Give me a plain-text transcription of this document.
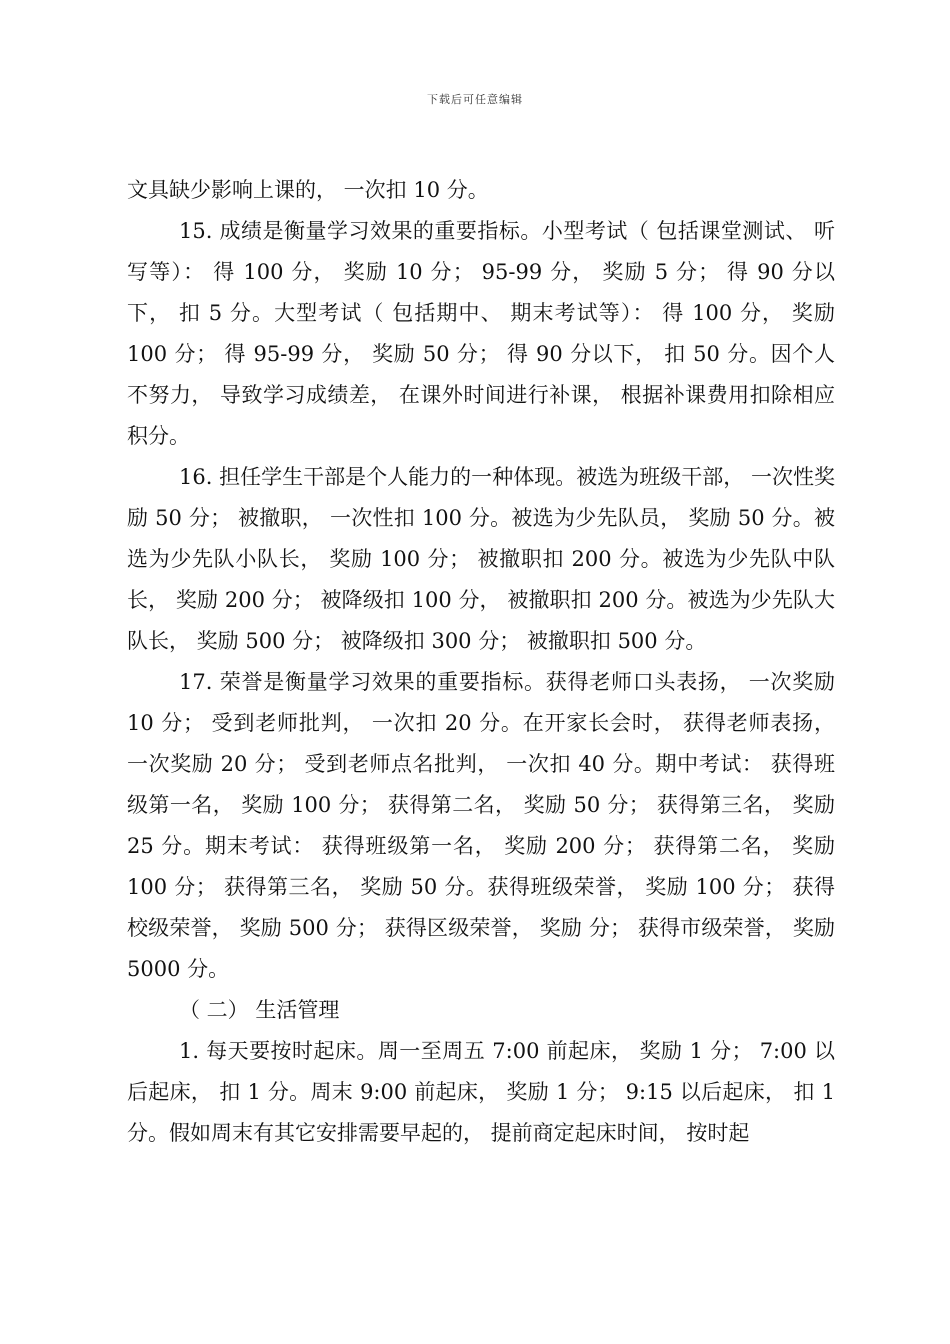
下载后可任意编辑

文具缺少影响上课的， 一次扣 10 分。

15. 成绩是衡量学习效果的重要指标。小型考试（ 包括课堂测试、 听写等）： 得 100 分， 奖励 10 分； 95-99 分， 奖励 5 分； 得 90 分以下， 扣 5 分。大型考试（ 包括期中、 期末考试等）： 得 100 分， 奖励 100 分； 得 95-99 分， 奖励 50 分； 得 90 分以下， 扣 50 分。因个人不努力， 导致学习成绩差， 在课外时间进行补课， 根据补课费用扣除相应积分。

16. 担任学生干部是个人能力的一种体现。被选为班级干部， 一次性奖励 50 分； 被撤职， 一次性扣 100 分。被选为少先队员， 奖励 50 分。被选为少先队小队长， 奖励 100 分； 被撤职扣 200 分。被选为少先队中队长， 奖励 200 分； 被降级扣 100 分， 被撤职扣 200 分。被选为少先队大队长， 奖励 500 分； 被降级扣 300 分； 被撤职扣 500 分。

17. 荣誉是衡量学习效果的重要指标。获得老师口头表扬， 一次奖励 10 分； 受到老师批判， 一次扣 20 分。在开家长会时， 获得老师表扬， 一次奖励 20 分； 受到老师点名批判， 一次扣 40 分。期中考试： 获得班级第一名， 奖励 100 分； 获得第二名， 奖励 50 分； 获得第三名， 奖励 25 分。期末考试： 获得班级第一名， 奖励 200 分； 获得第二名， 奖励 100 分； 获得第三名， 奖励 50 分。获得班级荣誉， 奖励 100 分； 获得校级荣誉， 奖励 500 分； 获得区级荣誉， 奖励 分； 获得市级荣誉， 奖励 5000 分。

（ 二） 生活管理

1. 每天要按时起床。周一至周五 7:00 前起床， 奖励 1 分； 7:00 以后起床， 扣 1 分。周末 9:00 前起床， 奖励 1 分； 9:15 以后起床， 扣 1 分。假如周末有其它安排需要早起的， 提前商定起床时间， 按时起
